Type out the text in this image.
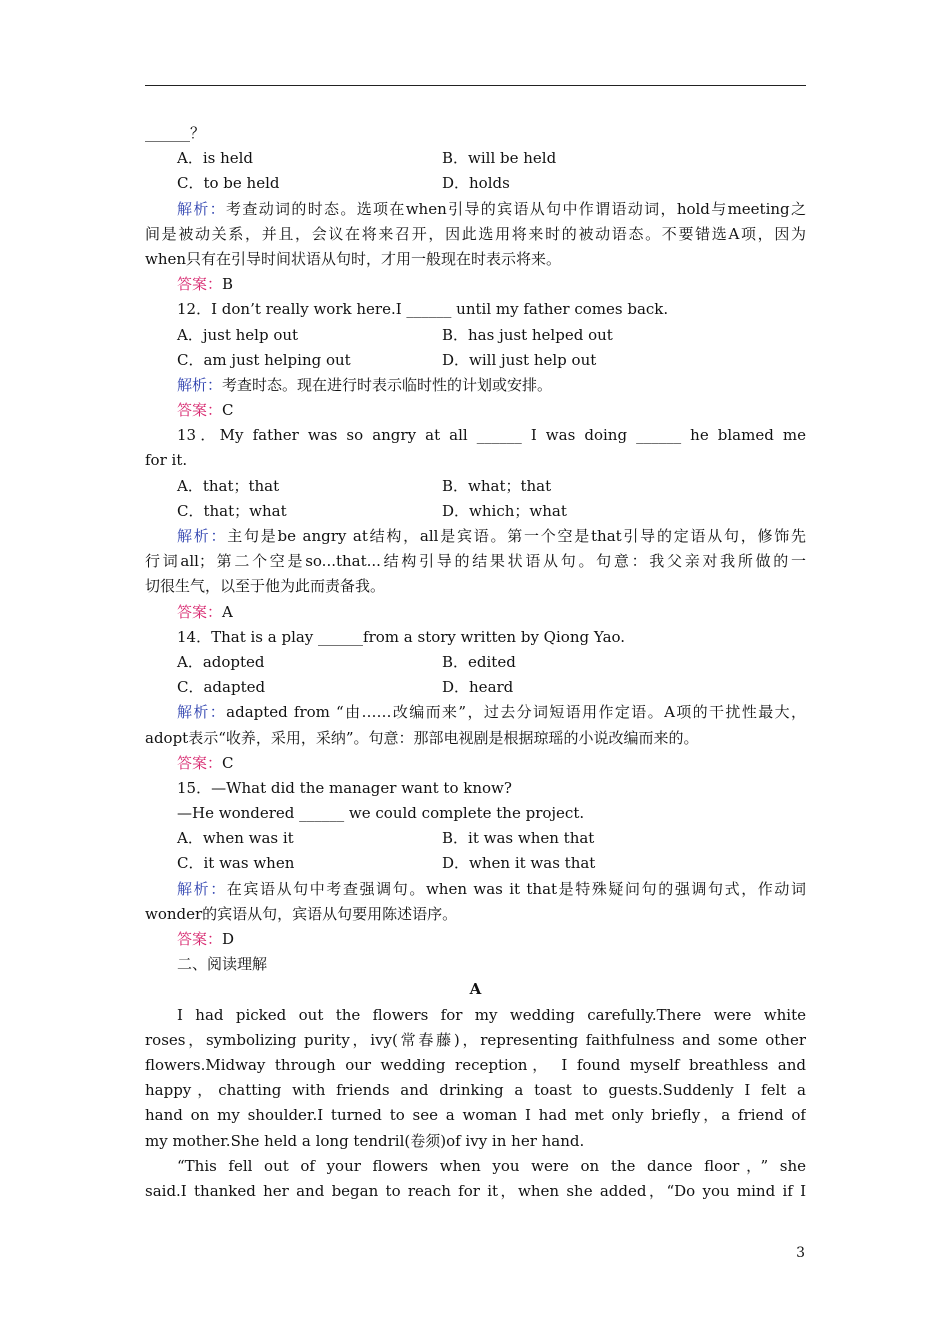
______？
A．is held	B．will be held
C．to be held	D．holds
解析：考查动词的时态。选项在when引导的宾语从句中作谓语动词，hold与meeting之
间是被动关系，并且，会议在将来召开，因此选用将来时的被动语态。不要错选A项，因为
when只有在引导时间状语从句时，才用一般现在时表示将来。
答案：B
12．I don’t really work here.I ______ until my father comes back.
A．just help out	B．has just helped out
C．am just helping out	D．will just help out
解析：考查时态。现在进行时表示临时性的计划或安排。
答案：C
13．My father was so angry at all ______ I was doing ______ he blamed me
for it.
A．that；that	B．what；that
C．that；what	D．which；what
解析：主句是be angry at结构，all是宾语。第一个空是that引导的定语从句，修饰先
行词all；第二个空是so...that...结构引导的结果状语从句。句意：我父亲对我所做的一
切很生气，以至于他为此而责备我。
答案：A
14．That is a play ______from a story written by Qiong Yao.
A．adopted	B．edited
C．adapted	D．heard
解析：adapted from “由……改编而来”，过去分词短语用作定语。A项的干扰性最大，
adopt表示“收养，采用，采纳”。句意：那部电视剧是根据琼瑶的小说改编而来的。
答案：C
15．—What did the manager want to know?
—He wondered ______ we could complete the project.
A．when was it	B．it was when that
C．it was when	D．when it was that
解析：在宾语从句中考查强调句。when was it that是特殊疑问句的强调句式，作动词
wonder的宾语从句，宾语从句要用陈述语序。
答案：D
二、阅读理解
A
I had picked out the flowers for my wedding carefully.There were white
roses，symbolizing purity，ivy(常春藤)，representing faithfulness and some other
flowers.Midway through our wedding reception， I found myself breathless and
happy，chatting with friends and drinking a toast to guests.Suddenly I felt a
hand on my shoulder.I turned to see a woman I had met only briefly，a friend of
my mother.She held a long tendril(卷须)of ivy in her hand.
“This fell out of your flowers when you were on the dance floor，” she
said.I thanked her and began to reach for it，when she added，“Do you mind if I
3
